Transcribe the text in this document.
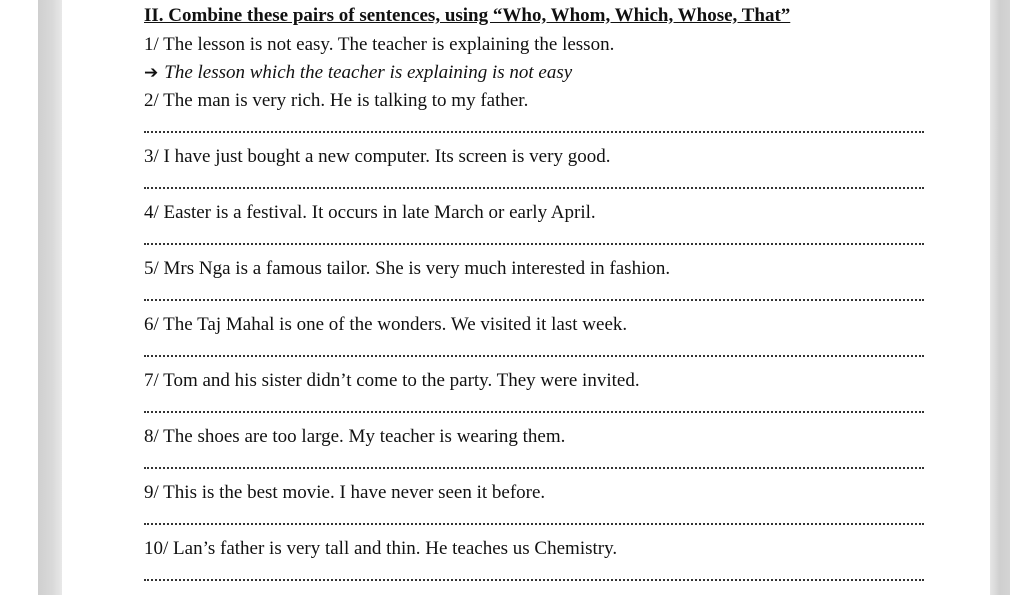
II. Combine these pairs of sentences, using “Who, Whom, Which, Whose, That”
1/ The lesson is not easy. The teacher is explaining the lesson.
➔ The lesson which the teacher is explaining is not easy
2/ The man is very rich. He is talking to my father.
3/ I have just bought a new computer. Its screen is very good.
4/ Easter is a festival. It occurs in late March or early April.
5/ Mrs Nga is a famous tailor. She is very much interested in fashion.
6/ The Taj Mahal is one of the wonders. We visited it last week.
7/ Tom and his sister didn’t come to the party. They were invited.
8/ The shoes are too large. My teacher is wearing them.
9/ This is the best movie. I have never seen it before.
10/ Lan’s father is very tall and thin. He teaches us Chemistry.
